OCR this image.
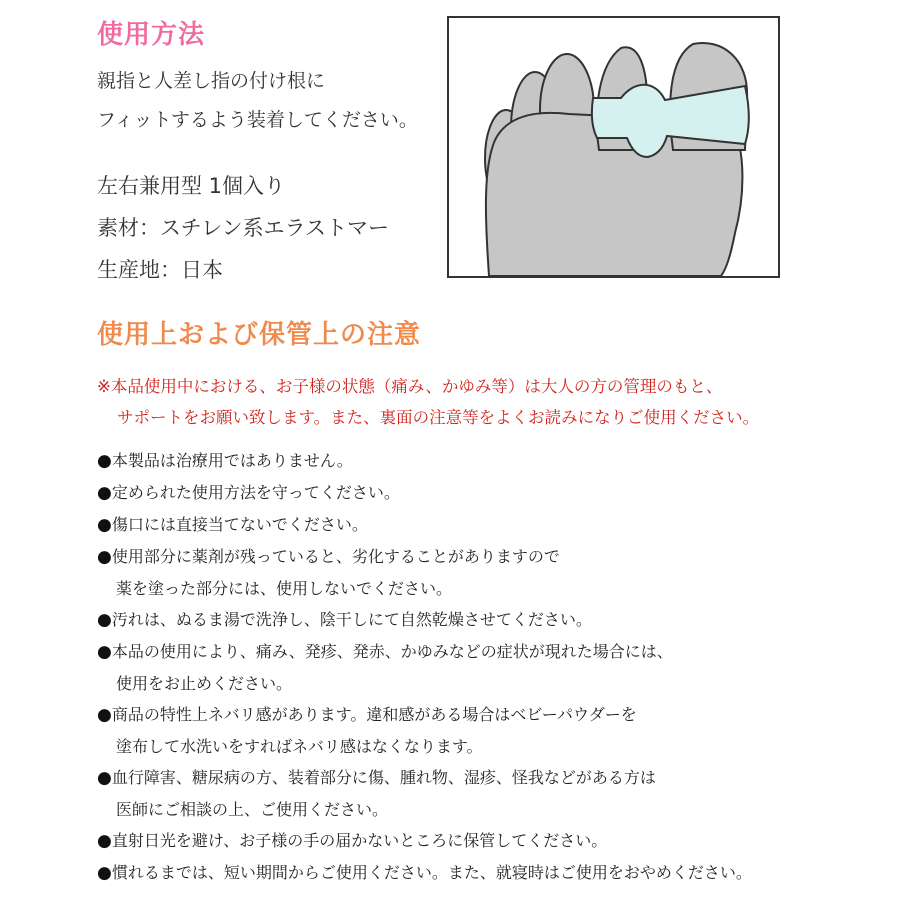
使用方法
親指と人差し指の付け根に
フィットするよう装着してください。
左右兼用型 1個入り
素材：スチレン系エラストマー
生産地：日本
使用上および保管上の注意
※本品使用中における、お子様の状態（痛み、かゆみ等）は大人の方の管理のもと、
サポートをお願い致します。また、裏面の注意等をよくお読みになりご使用ください。
●本製品は治療用ではありません。
●定められた使用方法を守ってください。
●傷口には直接当てないでください。
●使用部分に薬剤が残っていると、劣化することがありますので
薬を塗った部分には、使用しないでください。
●汚れは、ぬるま湯で洗浄し、陰干しにて自然乾燥させてください。
●本品の使用により、痛み、発疹、発赤、かゆみなどの症状が現れた場合には、
使用をお止めください。
●商品の特性上ネバリ感があります。違和感がある場合はベビーパウダーを
塗布して水洗いをすればネバリ感はなくなります。
●血行障害、糖尿病の方、装着部分に傷、腫れ物、湿疹、怪我などがある方は
医師にご相談の上、ご使用ください。
●直射日光を避け、お子様の手の届かないところに保管してください。
●慣れるまでは、短い期間からご使用ください。また、就寝時はご使用をおやめください。
